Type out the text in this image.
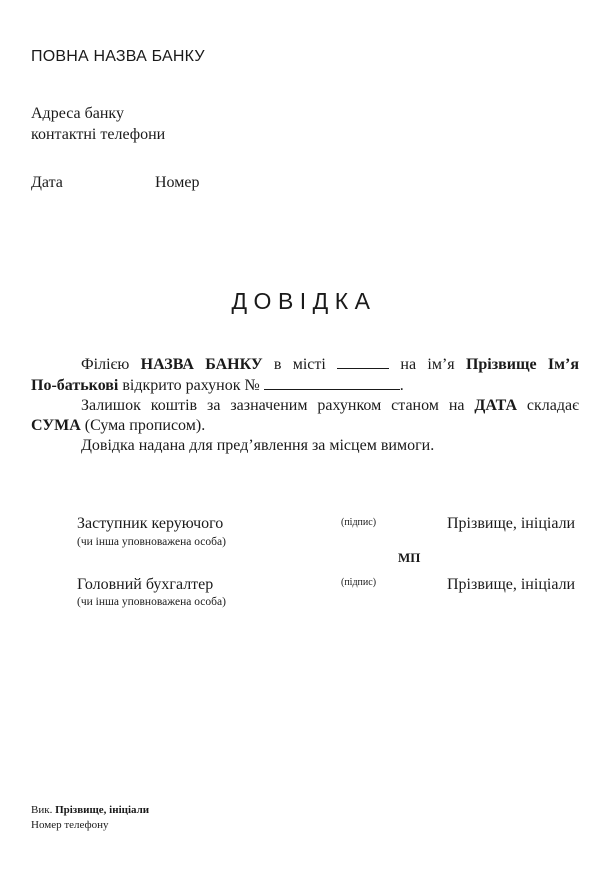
ПОВНА НАЗВА БАНКУ
Адреса банку
контактні телефони
Дата	Номер
ДОВІДКА

Філією НАЗВА БАНКУ в місті	на ім’я Прізвище Ім’я

По-батькові відкрито рахунок №	.

Залишок коштів за зазначеним рахунком станом на ДАТА складає

СУМА (Сума прописом).

Довідка надана для пред’явлення за місцем вимоги.

Заступник керуючого
(чи інша уповноважена особа)
(підпис)	Прізвище, ініціали
МП
Головний бухгалтер
(чи інша уповноважена особа)
(підпис)	Прізвище, ініціали
Вик. Прізвище, ініціали
Номер телефону
